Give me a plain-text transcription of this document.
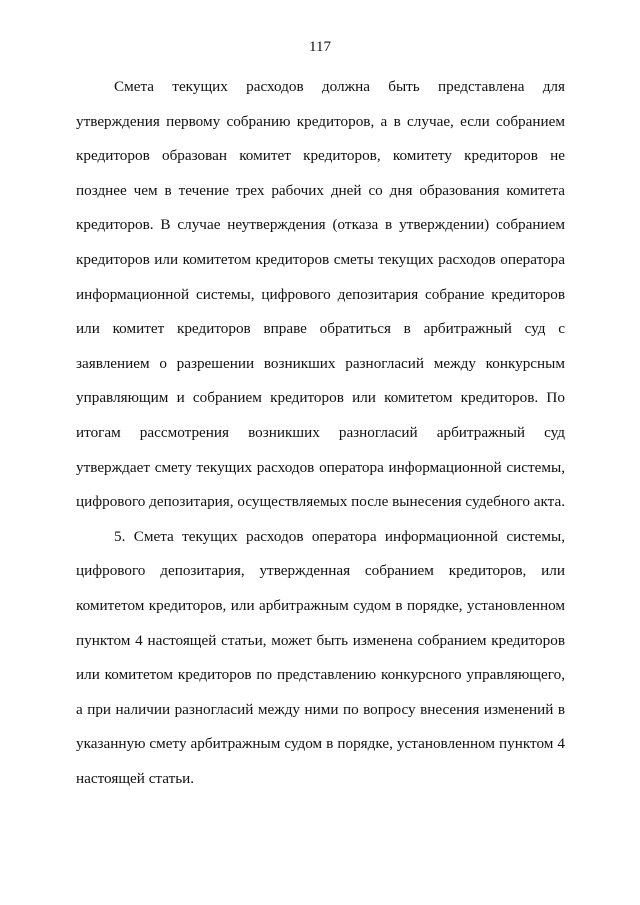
117

Смета текущих расходов должна быть представлена для
утверждения первому собранию кредиторов, а в случае, если собранием
кредиторов образован комитет кредиторов, комитету кредиторов не
позднее чем в течение трех рабочих дней со дня образования комитета
кредиторов. В случае неутверждения (отказа в утверждении) собранием
кредиторов или комитетом кредиторов сметы текущих расходов оператора
информационной системы, цифрового депозитария собрание кредиторов
или комитет кредиторов вправе обратиться в арбитражный суд с
заявлением о разрешении возникших разногласий между конкурсным
управляющим и собранием кредиторов или комитетом кредиторов. По
итогам рассмотрения возникших разногласий арбитражный суд
утверждает смету текущих расходов оператора информационной системы,
цифрового депозитария, осуществляемых после вынесения судебного акта.

5. Смета текущих расходов оператора информационной системы,
цифрового депозитария, утвержденная собранием кредиторов, или
комитетом кредиторов, или арбитражным судом в порядке, установленном
пунктом 4 настоящей статьи, может быть изменена собранием кредиторов
или комитетом кредиторов по представлению конкурсного управляющего,
а при наличии разногласий между ними по вопросу внесения изменений в
указанную смету арбитражным судом в порядке, установленном пунктом 4
настоящей статьи.
